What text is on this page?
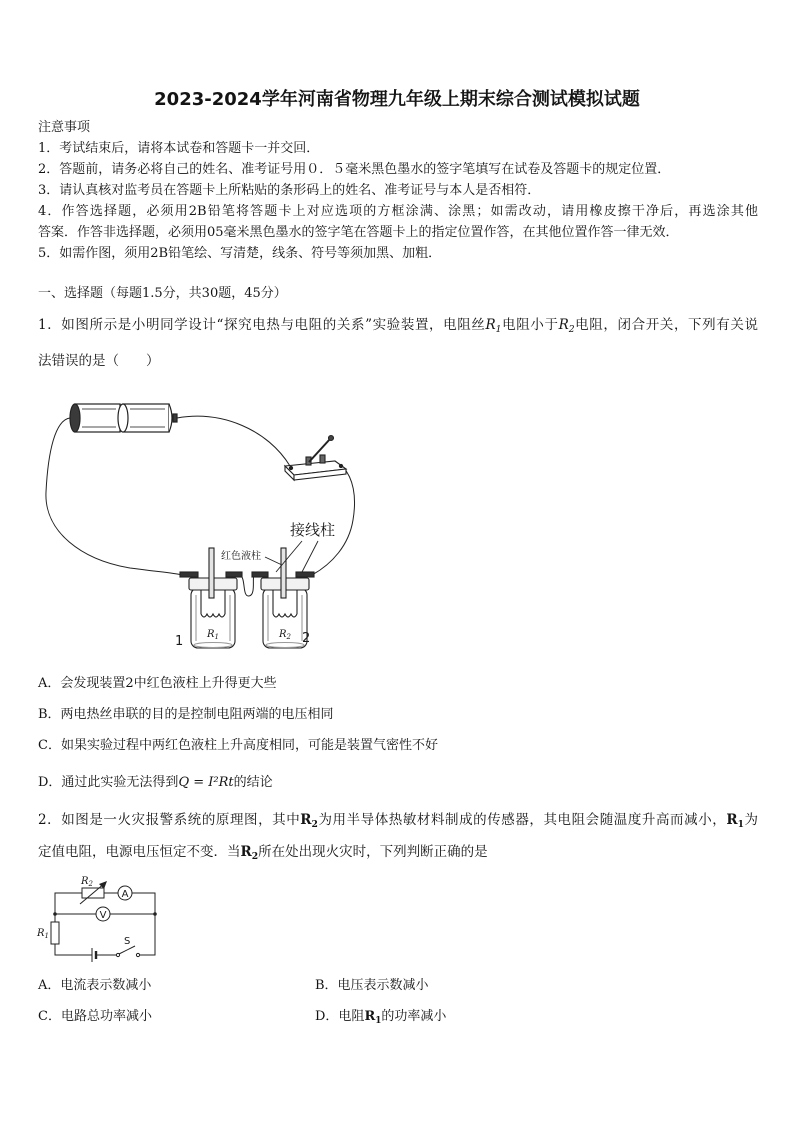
2023-2024学年河南省物理九年级上期末综合测试模拟试题
注意事项
1．考试结束后，请将本试卷和答题卡一并交回．
2．答题前，请务必将自己的姓名、准考证号用０．５毫米黑色墨水的签字笔填写在试卷及答题卡的规定位置．
3．请认真核对监考员在答题卡上所粘贴的条形码上的姓名、准考证号与本人是否相符．
4．作答选择题，必须用2B铅笔将答题卡上对应选项的方框涂满、涂黑；如需改动，请用橡皮擦干净后，再选涂其他
答案．作答非选择题，必须用05毫米黑色墨水的签字笔在答题卡上的指定位置作答，在其他位置作答一律无效．
5．如需作图，须用2B铅笔绘、写清楚，线条、符号等须加黑、加粗．
一、选择题（每题1.5分，共30题，45分）
1．如图所示是小明同学设计“探究电热与电阻的关系”实验装置，电阻丝$R_1$电阻小于$R_2$电阻，闭合开关，下列有关说
法错误的是（　　）
接线柱
红色液柱
$R_1$	$R_2$
1	2
A．会发现装置2中红色液柱上升得更大些
B．两电热丝串联的目的是控制电阻两端的电压相同
C．如果实验过程中两红色液柱上升高度相同，可能是装置气密性不好
D．通过此实验无法得到Q = I²Rt的结论
2．如图是一火灾报警系统的原理图，其中$R_2$为用半导体热敏材料制成的传感器，其电阻会随温度升高而减小，$R_1$为
定值电阻，电源电压恒定不变．当$R_2$所在处出现火灾时，下列判断正确的是
$R_2$
A
V
$R_1$	S
A．电流表示数减小	B．电压表示数减小
C．电路总功率减小	D．电阻$R_1$的功率减小
